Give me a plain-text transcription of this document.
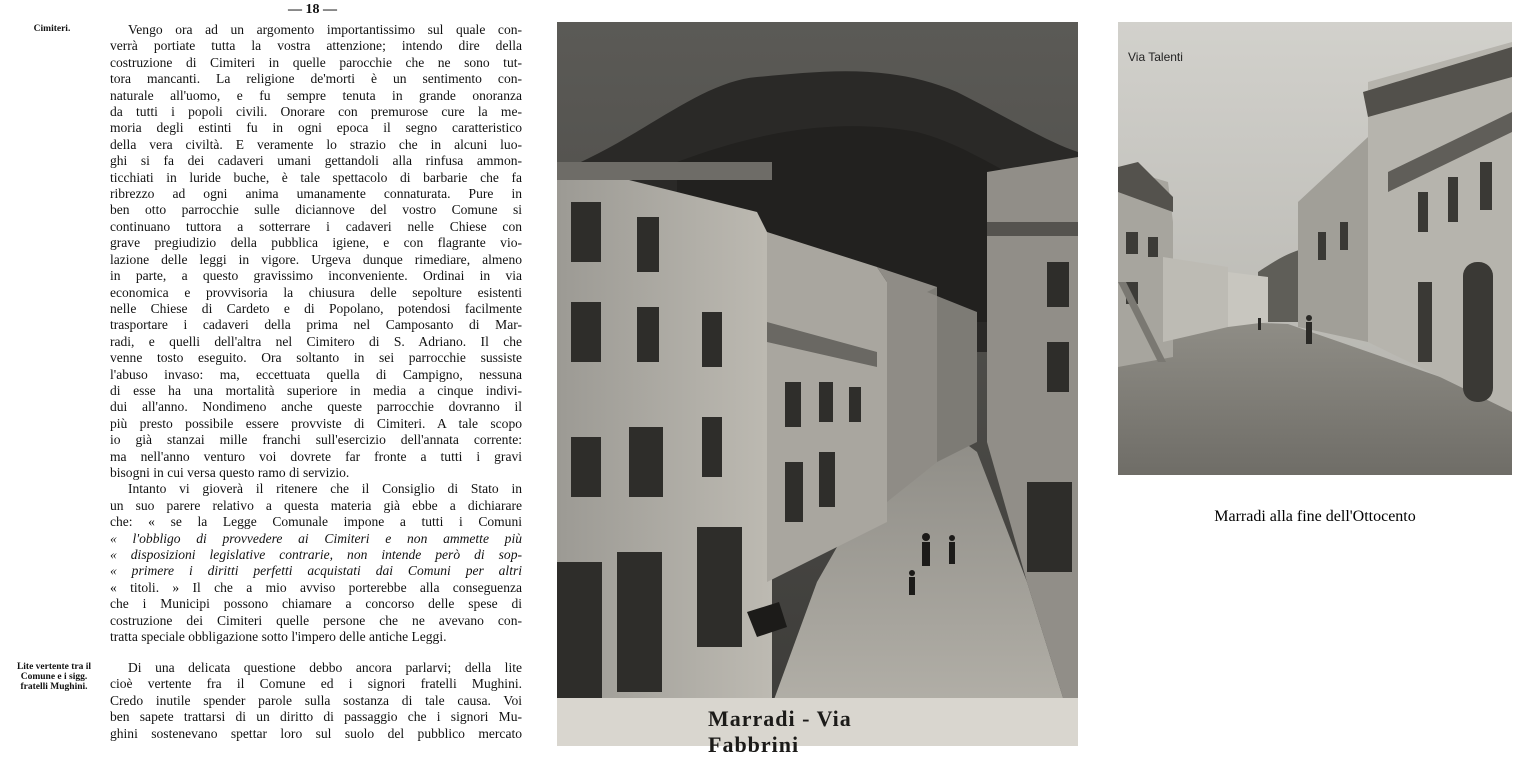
— 18 —
Cimiteri.
Lite vertente tra il Comune e i sigg. fratelli Mughini.
Vengo ora ad un argomento importantissimo sul quale con-
verrà portiate tutta la vostra attenzione; intendo dire della
costruzione di Cimiteri in quelle parocchie che ne sono tut-
tora mancanti. La religione de'morti è un sentimento con-
naturale all'uomo, e fu sempre tenuta in grande onoranza
da tutti i popoli civili. Onorare con premurose cure la me-
moria degli estinti fu in ogni epoca il segno caratteristico
della vera civiltà. E veramente lo strazio che in alcuni luo-
ghi si fa dei cadaveri umani gettandoli alla rinfusa ammon-
ticchiati in luride buche, è tale spettacolo di barbarie che fa
ribrezzo ad ogni anima umanamente connaturata. Pure in
ben otto parrocchie sulle diciannove del vostro Comune si
continuano tuttora a sotterrare i cadaveri nelle Chiese con
grave pregiudizio della pubblica igiene, e con flagrante vio-
lazione delle leggi in vigore. Urgeva dunque rimediare, almeno
in parte, a questo gravissimo inconveniente. Ordinai in via
economica e provvisoria la chiusura delle sepolture esistenti
nelle Chiese di Cardeto e di Popolano, potendosi facilmente
trasportare i cadaveri della prima nel Camposanto di Mar-
radi, e quelli dell'altra nel Cimitero di S. Adriano. Il che
venne tosto eseguito. Ora soltanto in sei parrocchie sussiste
l'abuso invaso: ma, eccettuata quella di Campigno, nessuna
di esse ha una mortalità superiore in media a cinque indivi-
dui all'anno. Nondimeno anche queste parrocchie dovranno il
più presto possibile essere provviste di Cimiteri. A tale scopo
io già stanzai mille franchi sull'esercizio dell'annata corrente:
ma nell'anno venturo voi dovrete far fronte a tutti i gravi
bisogni in cui versa questo ramo di servizio.
Intanto vi gioverà il ritenere che il Consiglio di Stato in
un suo parere relativo a questa materia già ebbe a dichiarare
che: « se la Legge Comunale impone a tutti i Comuni
« l'obbligo di provvedere ai Cimiteri e non ammette più
« disposizioni legislative contrarie, non intende però di sop-
« primere i diritti perfetti acquistati dai Comuni per altri
« titoli. » Il che a mio avviso porterebbe alla conseguenza
che i Municipi possono chiamare a concorso delle spese di
costruzione dei Cimiteri quelle persone che ne avevano con-
tratta speciale obbligazione sotto l'impero delle antiche Leggi.
Di una delicata questione debbo ancora parlarvi; della lite
cioè vertente fra il Comune ed i signori fratelli Mughini.
Credo inutile spender parole sulla sostanza di tale causa. Voi
ben sapete trattarsi di un diritto di passaggio che i signori Mu-
ghini sostenevano spettar loro sul suolo del pubblico mercato
Marradi - Via Fabbrini
Via Talenti
Marradi alla fine dell'Ottocento
